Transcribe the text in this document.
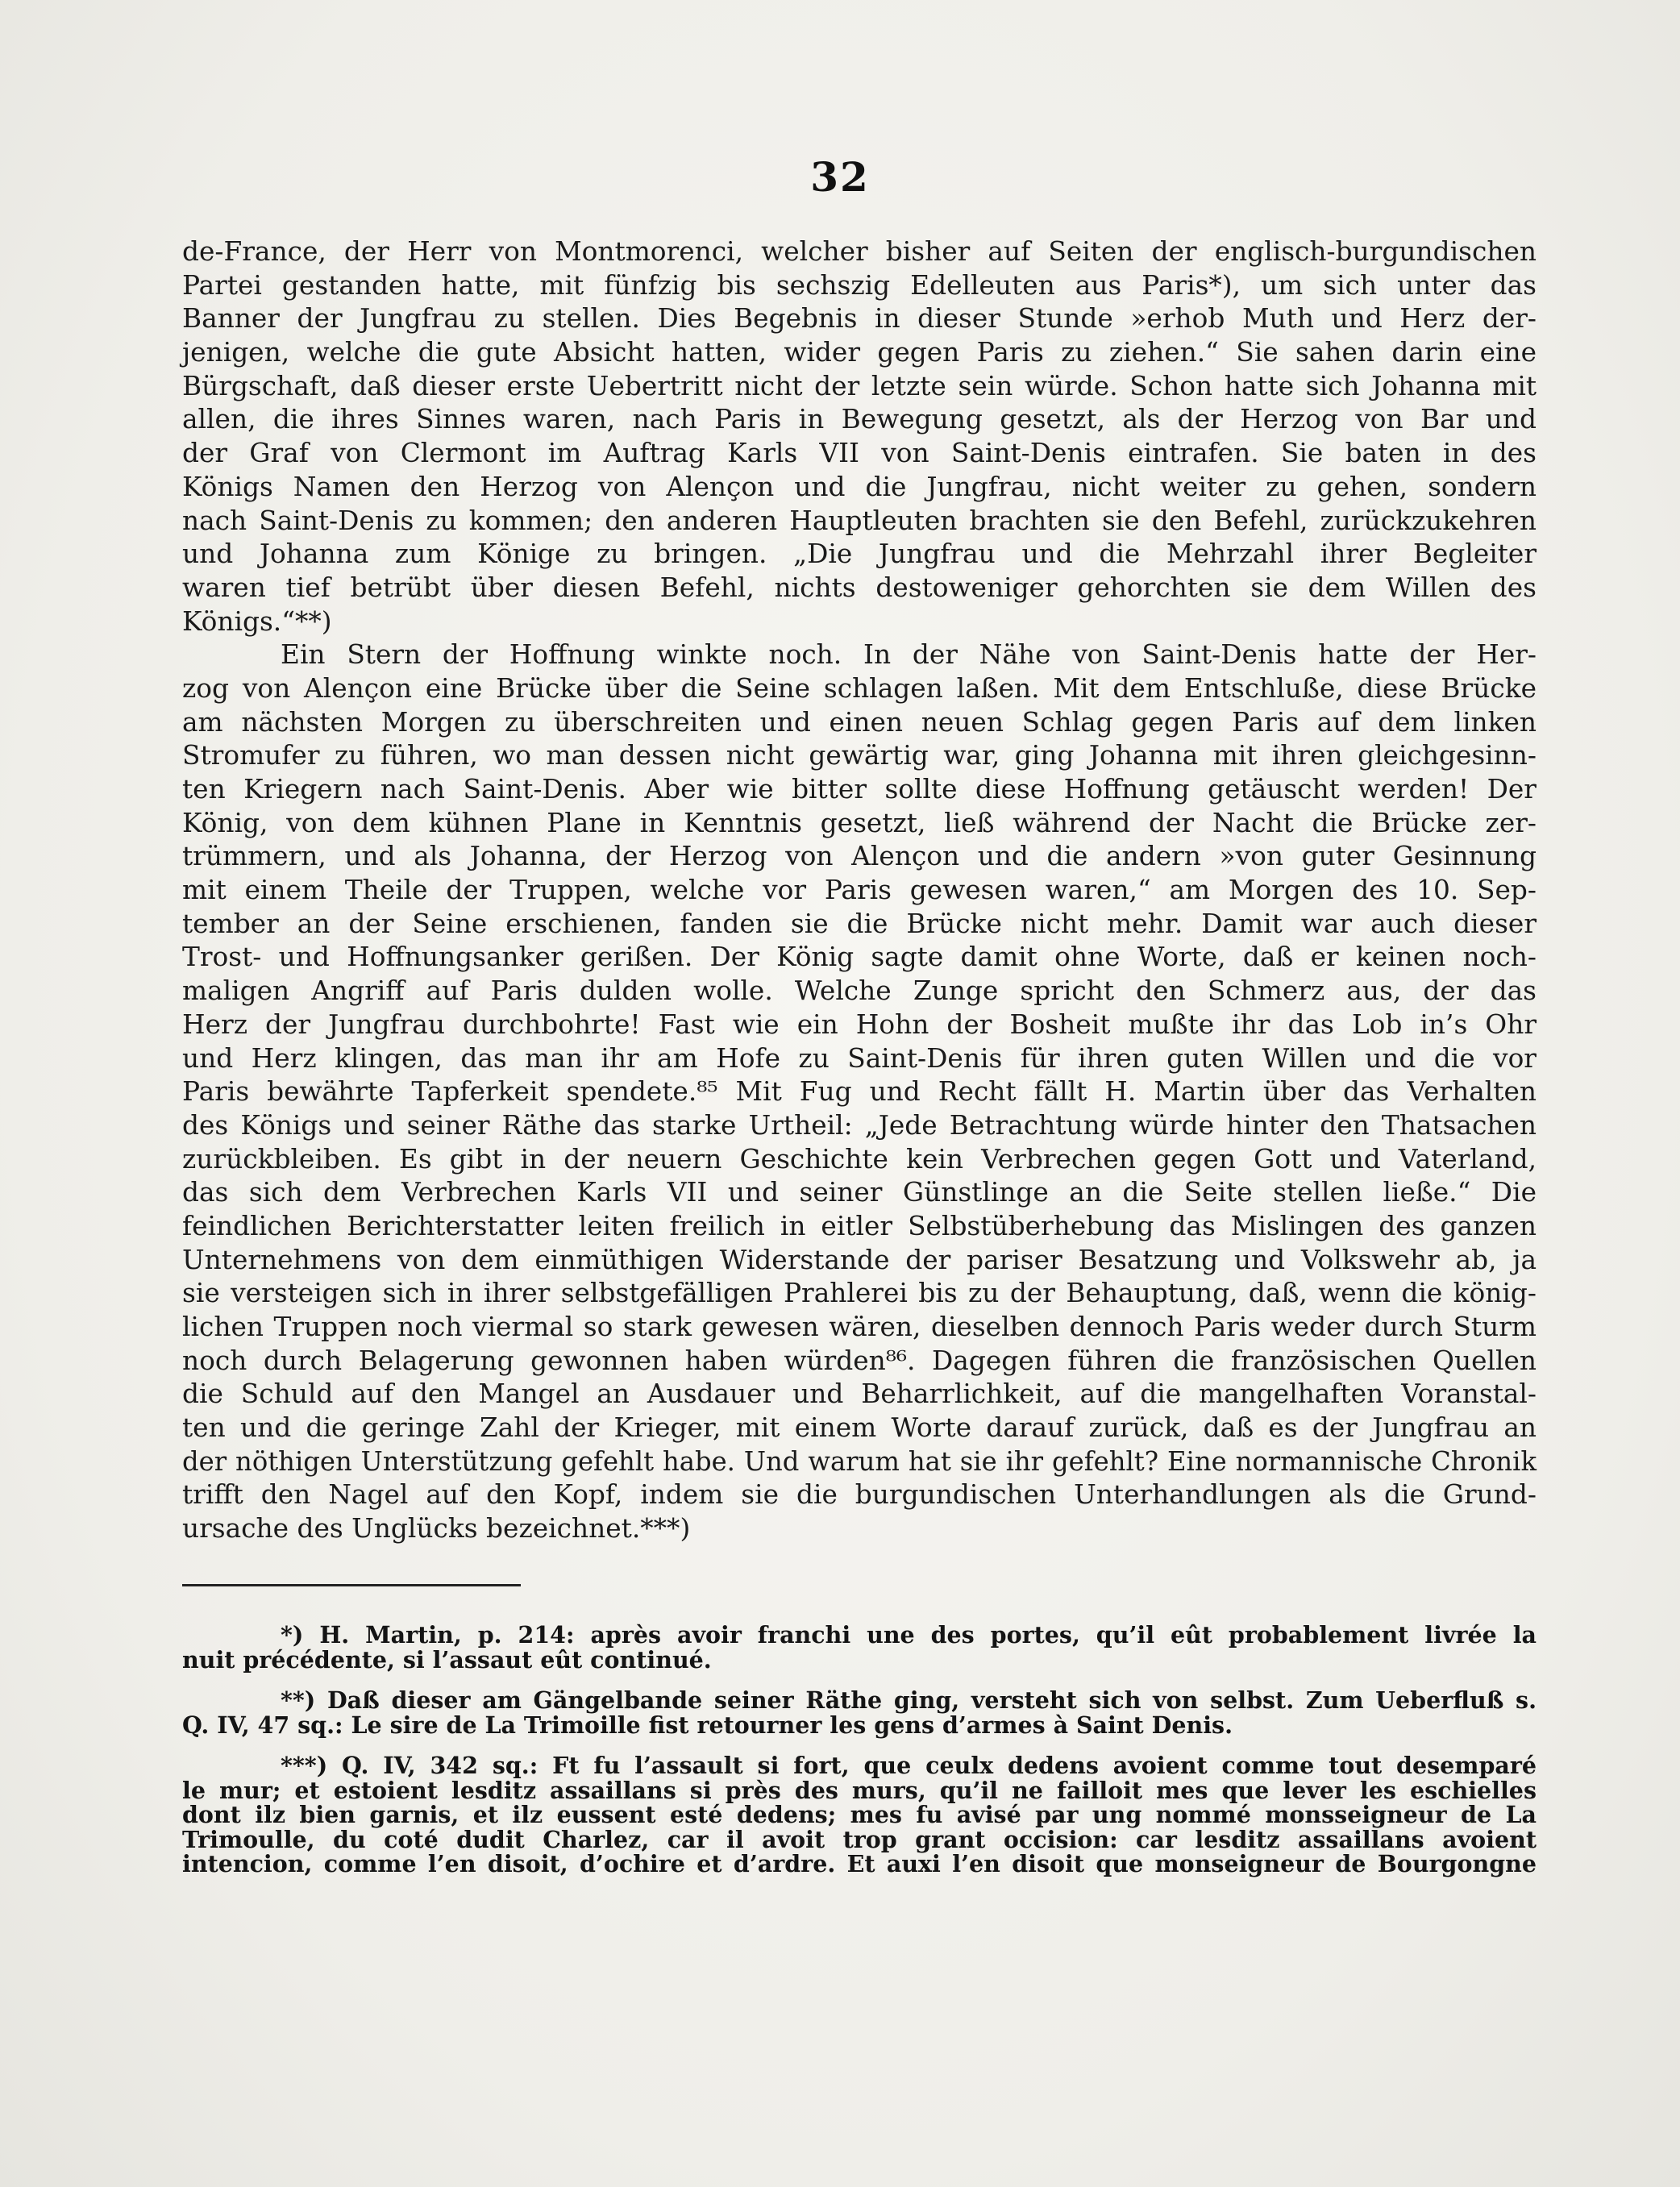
32
de-France, der Herr von Montmorenci, welcher bisher auf Seiten der englisch-burgundischen
Partei gestanden hatte, mit fünfzig bis sechszig Edelleuten aus Paris*), um sich unter das
Banner der Jungfrau zu stellen. Dies Begebnis in dieser Stunde »erhob Muth und Herz der-
jenigen, welche die gute Absicht hatten, wider gegen Paris zu ziehen.“ Sie sahen darin eine
Bürgschaft, daß dieser erste Uebertritt nicht der letzte sein würde. Schon hatte sich Johanna mit
allen, die ihres Sinnes waren, nach Paris in Bewegung gesetzt, als der Herzog von Bar und
der Graf von Clermont im Auftrag Karls VII von Saint-Denis eintrafen. Sie baten in des
Königs Namen den Herzog von Alençon und die Jungfrau, nicht weiter zu gehen, sondern
nach Saint-Denis zu kommen; den anderen Hauptleuten brachten sie den Befehl, zurückzukehren
und Johanna zum Könige zu bringen. „Die Jungfrau und die Mehrzahl ihrer Begleiter
waren tief betrübt über diesen Befehl, nichts destoweniger gehorchten sie dem Willen des
Königs.“**)
Ein Stern der Hoffnung winkte noch. In der Nähe von Saint-Denis hatte der Her-
zog von Alençon eine Brücke über die Seine schlagen laßen. Mit dem Entschluße, diese Brücke
am nächsten Morgen zu überschreiten und einen neuen Schlag gegen Paris auf dem linken
Stromufer zu führen, wo man dessen nicht gewärtig war, ging Johanna mit ihren gleichgesinn-
ten Kriegern nach Saint-Denis. Aber wie bitter sollte diese Hoffnung getäuscht werden! Der
König, von dem kühnen Plane in Kenntnis gesetzt, ließ während der Nacht die Brücke zer-
trümmern, und als Johanna, der Herzog von Alençon und die andern »von guter Gesinnung
mit einem Theile der Truppen, welche vor Paris gewesen waren,“ am Morgen des 10. Sep-
tember an der Seine erschienen, fanden sie die Brücke nicht mehr. Damit war auch dieser
Trost- und Hoffnungsanker gerißen. Der König sagte damit ohne Worte, daß er keinen noch-
maligen Angriff auf Paris dulden wolle. Welche Zunge spricht den Schmerz aus, der das
Herz der Jungfrau durchbohrte! Fast wie ein Hohn der Bosheit mußte ihr das Lob in’s Ohr
und Herz klingen, das man ihr am Hofe zu Saint-Denis für ihren guten Willen und die vor
Paris bewährte Tapferkeit spendete.⁸⁵ Mit Fug und Recht fällt H. Martin über das Verhalten
des Königs und seiner Räthe das starke Urtheil: „Jede Betrachtung würde hinter den Thatsachen
zurückbleiben. Es gibt in der neuern Geschichte kein Verbrechen gegen Gott und Vaterland,
das sich dem Verbrechen Karls VII und seiner Günstlinge an die Seite stellen ließe.“ Die
feindlichen Berichterstatter leiten freilich in eitler Selbstüberhebung das Mislingen des ganzen
Unternehmens von dem einmüthigen Widerstande der pariser Besatzung und Volkswehr ab, ja
sie versteigen sich in ihrer selbstgefälligen Prahlerei bis zu der Behauptung, daß, wenn die könig-
lichen Truppen noch viermal so stark gewesen wären, dieselben dennoch Paris weder durch Sturm
noch durch Belagerung gewonnen haben würden⁸⁶. Dagegen führen die französischen Quellen
die Schuld auf den Mangel an Ausdauer und Beharrlichkeit, auf die mangelhaften Voranstal-
ten und die geringe Zahl der Krieger, mit einem Worte darauf zurück, daß es der Jungfrau an
der nöthigen Unterstützung gefehlt habe. Und warum hat sie ihr gefehlt? Eine normannische Chronik
trifft den Nagel auf den Kopf, indem sie die burgundischen Unterhandlungen als die Grund-
ursache des Unglücks bezeichnet.***)
*) H. Martin, p. 214: après avoir franchi une des portes, qu’il eût probablement livrée la
nuit précédente, si l’assaut eût continué.
**) Daß dieser am Gängelbande seiner Räthe ging, versteht sich von selbst. Zum Ueberfluß s.
Q. IV, 47 sq.: Le sire de La Trimoille fist retourner les gens d’armes à Saint Denis.
***) Q. IV, 342 sq.: Ft fu l’assault si fort, que ceulx dedens avoient comme tout desemparé
le mur; et estoient lesditz assaillans si près des murs, qu’il ne failloit mes que lever les eschielles
dont ilz bien garnis, et ilz eussent esté dedens; mes fu avisé par ung nommé monsseigneur de La
Trimoulle, du coté dudit Charlez, car il avoit trop grant occision: car lesditz assaillans avoient
intencion, comme l’en disoit, d’ochire et d’ardre. Et auxi l’en disoit que monseigneur de Bourgongne
